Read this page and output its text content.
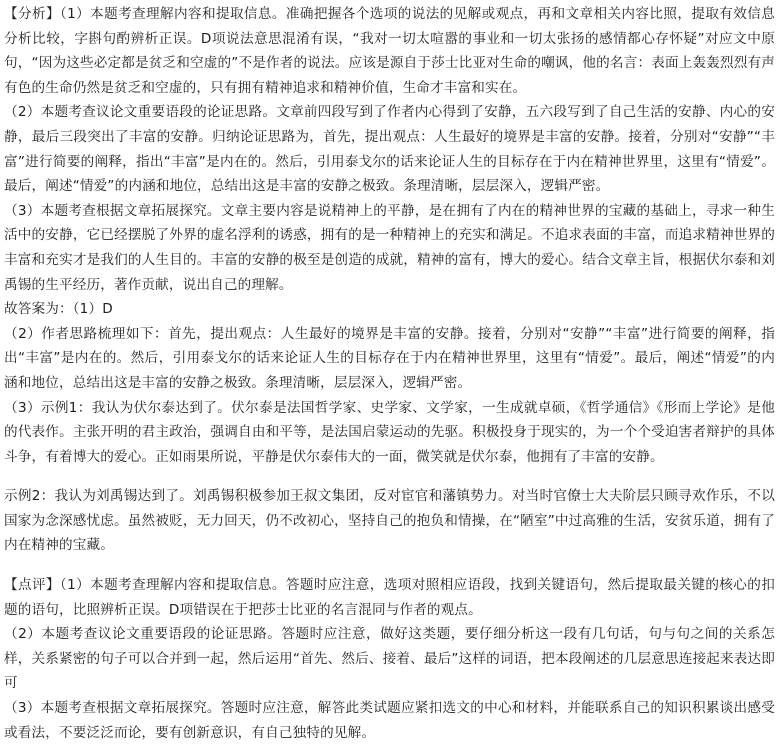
【分析】（1）本题考查理解内容和提取信息。准确把握各个选项的说法的见解或观点，再和文章相关内容比照，提取有效信息分析比较，字斟句酌辨析正误。D项说法意思混淆有误，“我对一切太喧嚣的事业和一切太张扬的感情都心存怀疑”对应文中原句，“因为这些必定都是贫乏和空虚的”不是作者的说法。应该是源自于莎士比亚对生命的嘲讽，他的名言：表面上轰轰烈烈有声有色的生命仍然是贫乏和空虚的，只有拥有精神追求和精神价值，生命才丰富和实在。

（2）本题考查议论文重要语段的论证思路。文章前四段写到了作者内心得到了安静，五六段写到了自己生活的安静、内心的安静，最后三段突出了丰富的安静。归纳论证思路为，首先，提出观点：人生最好的境界是丰富的安静。接着，分别对“安静”“丰富”进行简要的阐释，指出“丰富”是内在的。然后，引用泰戈尔的话来论证人生的目标存在于内在精神世界里，这里有“情爱”。最后，阐述“情爱”的内涵和地位，总结出这是丰富的安静之极致。条理清晰，层层深入，逻辑严密。

（3）本题考查根据文章拓展探究。文章主要内容是说精神上的平静，是在拥有了内在的精神世界的宝藏的基础上，寻求一种生活中的安静，它已经摆脱了外界的虚名浮利的诱惑，拥有的是一种精神上的充实和满足。不追求表面的丰富，而追求精神世界的丰富和充实才是我们的人生目的。丰富的安静的极至是创造的成就，精神的富有，博大的爱心。结合文章主旨，根据伏尔泰和刘禹锡的生平经历，著作贡献，说出自己的理解。

故答案为：（1）D

（2）作者思路梳理如下：首先，提出观点：人生最好的境界是丰富的安静。接着，分别对“安静”“丰富”进行简要的阐释，指出“丰富”是内在的。然后，引用泰戈尔的话来论证人生的目标存在于内在精神世界里，这里有“情爱”。最后，阐述“情爱”的内涵和地位，总结出这是丰富的安静之极致。条理清晰，层层深入，逻辑严密。

（3）示例1：我认为伏尔泰达到了。伏尔泰是法国哲学家、史学家、文学家，一生成就卓硕，《哲学通信》《形而上学论》是他的代表作。主张开明的君主政治，强调自由和平等，是法国启蒙运动的先驱。积极投身于现实的，为一个个受迫害者辩护的具体斗争，有着博大的爱心。正如雨果所说，平静是伏尔泰伟大的一面，微笑就是伏尔泰，他拥有了丰富的安静。

示例2：我认为刘禹锡达到了。刘禹锡积极参加王叔文集团，反对宦官和藩镇势力。对当时官僚士大夫阶层只顾寻欢作乐，不以国家为念深感忧虑。虽然被贬，无力回天，仍不改初心，坚持自己的抱负和情操，在“陋室”中过高雅的生活，安贫乐道，拥有了内在精神的宝藏。

【点评】（1）本题考查理解内容和提取信息。答题时应注意，选项对照相应语段，找到关键语句，然后提取最关键的核心的扣题的语句，比照辨析正误。D项错误在于把莎士比亚的名言混同与作者的观点。

（2）本题考查议论文重要语段的论证思路。答题时应注意，做好这类题，要仔细分析这一段有几句话，句与句之间的关系怎样，关系紧密的句子可以合并到一起，然后运用“首先、然后、接着、最后”这样的词语，把本段阐述的几层意思连接起来表达即可

（3）本题考查根据文章拓展探究。答题时应注意，解答此类试题应紧扣选文的中心和材料，并能联系自己的知识积累谈出感受或看法，不要泛泛而论，要有创新意识，有自己独特的见解。
